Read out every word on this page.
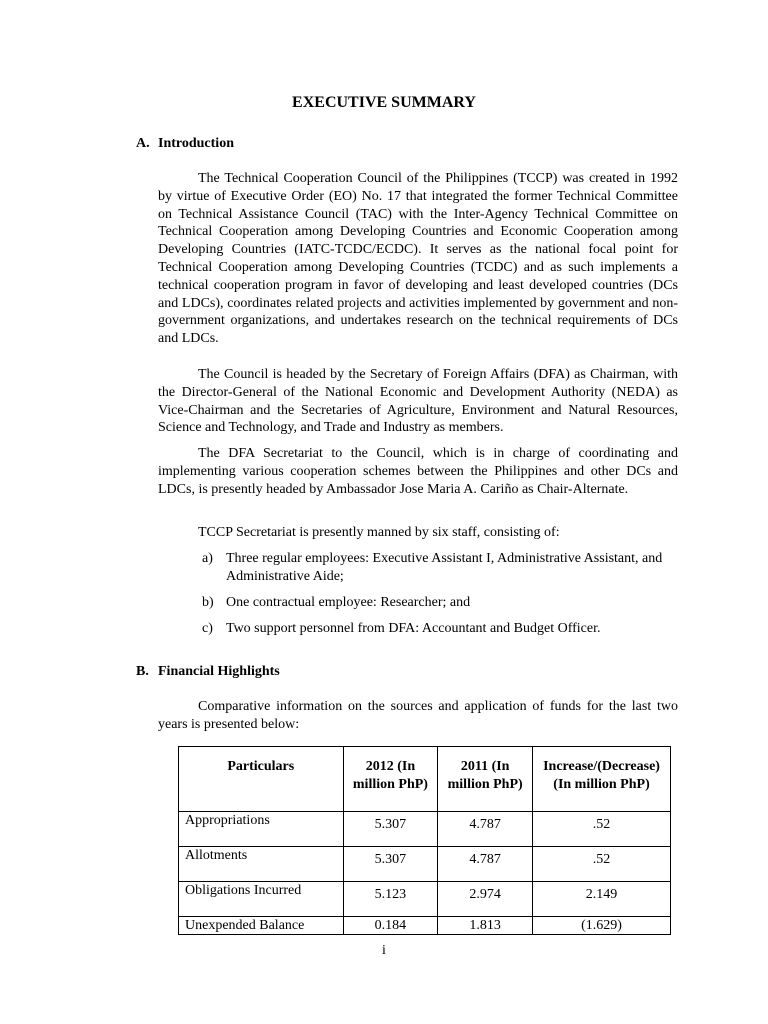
EXECUTIVE SUMMARY
A. Introduction

The Technical Cooperation Council of the Philippines (TCCP) was created in 1992 by virtue of Executive Order (EO) No. 17 that integrated the former Technical Committee on Technical Assistance Council (TAC) with the Inter-Agency Technical Committee on Technical Cooperation among Developing Countries and Economic Cooperation among Developing Countries (IATC-TCDC/ECDC). It serves as the national focal point for Technical Cooperation among Developing Countries (TCDC) and as such implements a technical cooperation program in favor of developing and least developed countries (DCs and LDCs), coordinates related projects and activities implemented by government and non-government organizations, and undertakes research on the technical requirements of DCs and LDCs.

The Council is headed by the Secretary of Foreign Affairs (DFA) as Chairman, with the Director-General of the National Economic and Development Authority (NEDA) as Vice-Chairman and the Secretaries of Agriculture, Environment and Natural Resources, Science and Technology, and Trade and Industry as members.

The DFA Secretariat to the Council, which is in charge of coordinating and implementing various cooperation schemes between the Philippines and other DCs and LDCs, is presently headed by Ambassador Jose Maria A. Cariño as Chair-Alternate.

TCCP Secretariat is presently manned by six staff, consisting of:

a) Three regular employees: Executive Assistant I, Administrative Assistant, and Administrative Aide;
b) One contractual employee: Researcher; and
c) Two support personnel from DFA: Accountant and Budget Officer.
B. Financial Highlights

Comparative information on the sources and application of funds for the last two years is presented below:

Particulars	2012 (In million PhP)	2011 (In million PhP)	Increase/(Decrease) (In million PhP)
Appropriations	5.307	4.787	.52
Allotments	5.307	4.787	.52
Obligations Incurred	5.123	2.974	2.149
Unexpended Balance	0.184	1.813	(1.629)
i
